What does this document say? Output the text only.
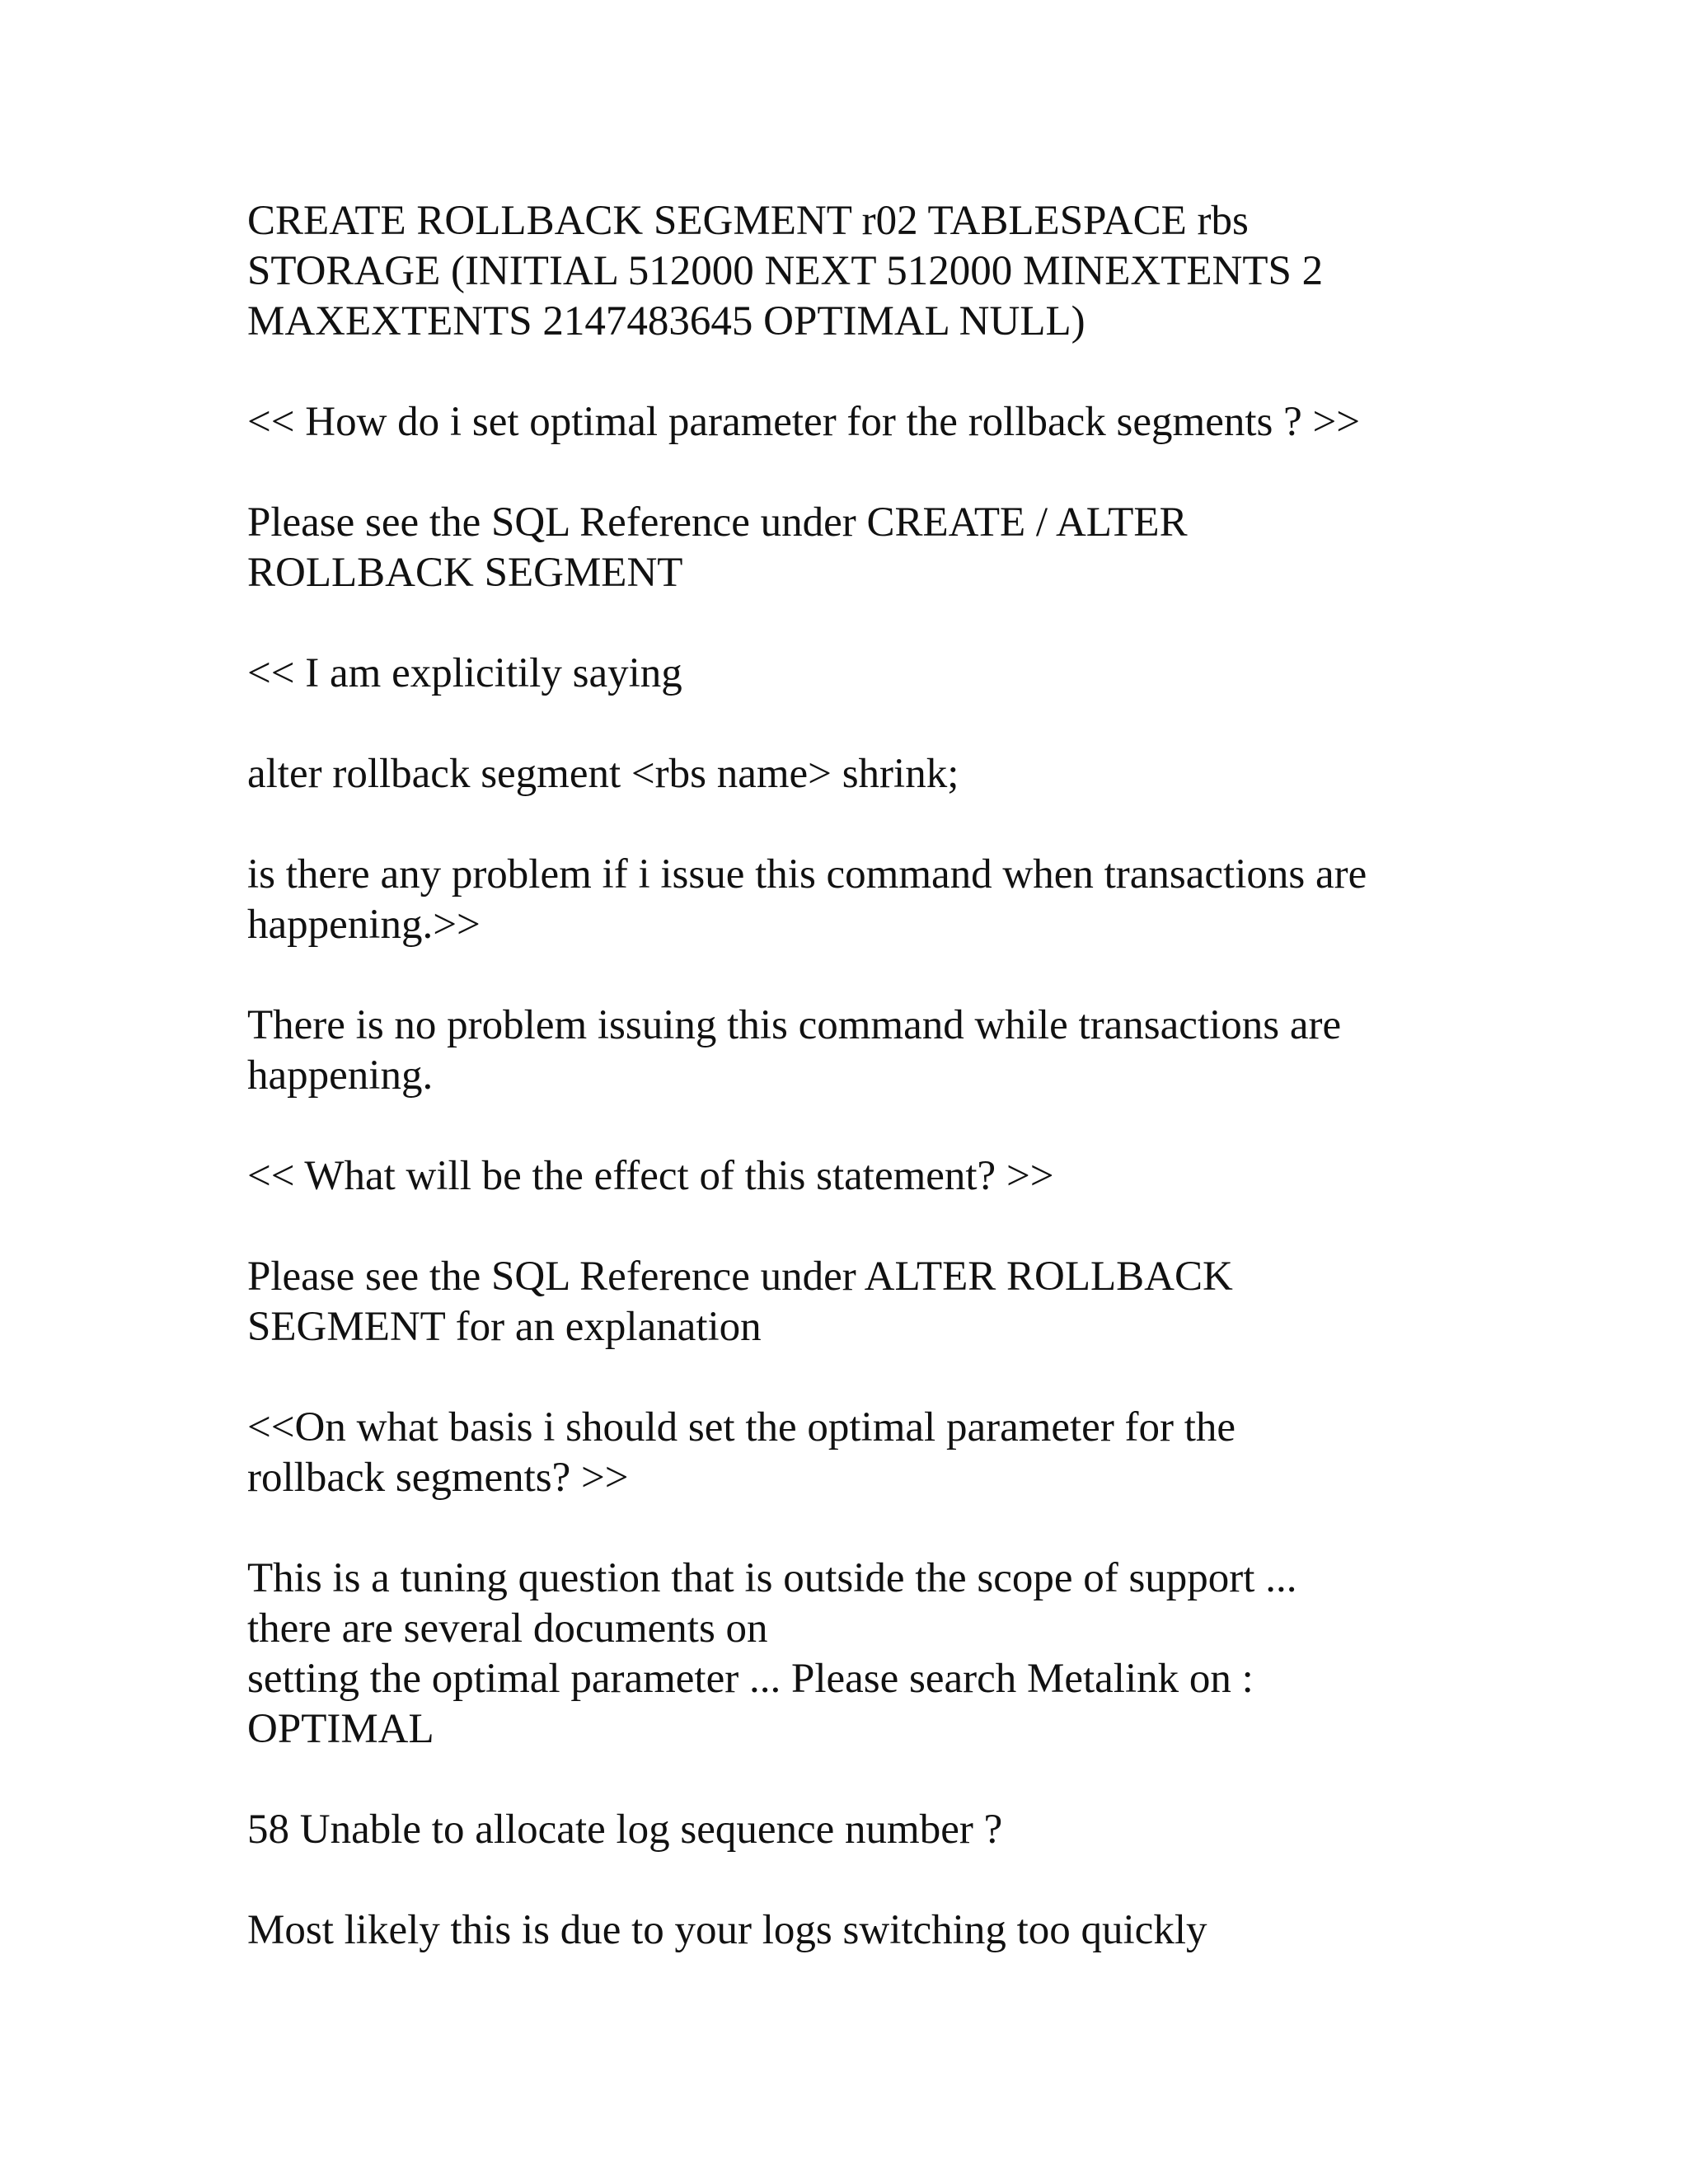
CREATE ROLLBACK SEGMENT r02 TABLESPACE rbs
STORAGE (INITIAL 512000 NEXT 512000 MINEXTENTS 2
MAXEXTENTS 2147483645 OPTIMAL NULL)

<< How do i set optimal parameter for the rollback segments ? >>

Please see the SQL Reference under CREATE / ALTER
ROLLBACK SEGMENT

<< I am explicitily saying

alter rollback segment <rbs name> shrink;

is there any problem if i issue this command when transactions are
happening.>>

There is no problem issuing this command while transactions are
happening.

<< What will be the effect of this statement? >>

Please see the SQL Reference under ALTER ROLLBACK
SEGMENT for an explanation

<<On what basis i should set the optimal parameter for the
rollback segments? >>

This is a tuning question that is outside the scope of support ...
there are several documents on
setting the optimal parameter ... Please search Metalink on :
OPTIMAL

58 Unable to allocate log sequence number ?

Most likely this is due to your logs switching too quickly
